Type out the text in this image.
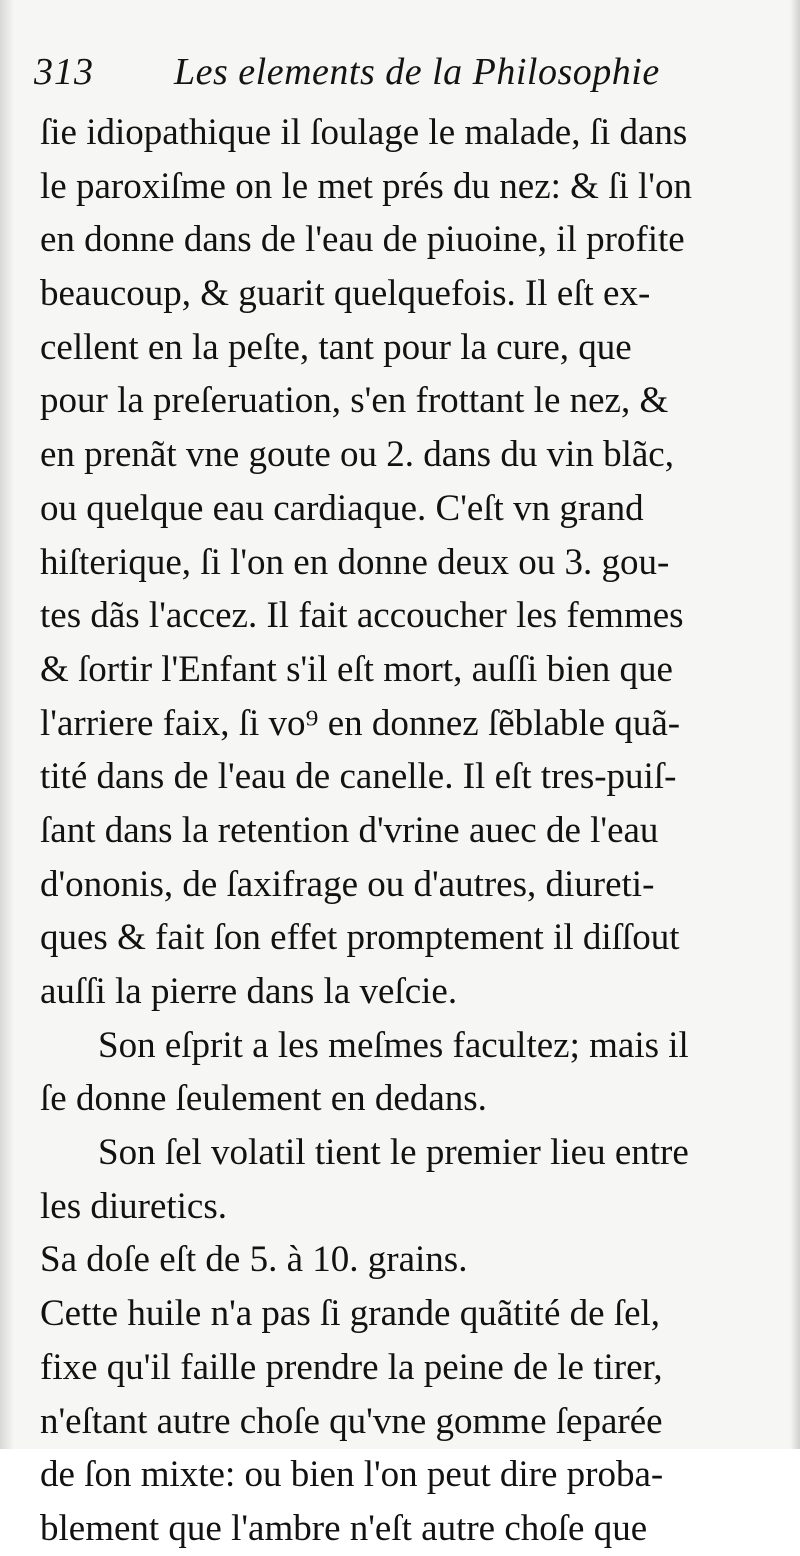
313 Les elements de la Philosophie
ſie idiopathique il ſoulage le malade, ſi dans
le paroxiſme on le met prés du nez: & ſi l'on
en donne dans de l'eau de piuoine, il profite
beaucoup, & guarit quelquefois. Il eſt ex-
cellent en la peſte, tant pour la cure, que
pour la preſeruation, s'en frottant le nez, &
en prenãt vne goute ou 2. dans du vin blãc,
ou quelque eau cardiaque. C'eſt vn grand
hiſterique, ſi l'on en donne deux ou 3. gou-
tes dãs l'accez. Il fait accoucher les femmes
& ſortir l'Enfant s'il eſt mort, auſſi bien que
l'arriere faix, ſi vo⁹ en donnez ſẽblable quã-
tité dans de l'eau de canelle. Il eſt tres-puiſ-
ſant dans la retention d'vrine auec de l'eau
d'ononis, de ſaxifrage ou d'autres, diureti-
ques & fait ſon effet promptement il diſſout
auſſi la pierre dans la veſcie.
Son eſprit a les meſmes facultez; mais il
ſe donne ſeulement en dedans.
Son ſel volatil tient le premier lieu entre
les diuretics.
Sa doſe eſt de 5. à 10. grains.
Cette huile n'a pas ſi grande quãtité de ſel,
fixe qu'il faille prendre la peine de le tirer,
n'eſtant autre choſe qu'vne gomme ſeparée
de ſon mixte: ou bien l'on peut dire proba-
blement que l'ambre n'eſt autre choſe que
